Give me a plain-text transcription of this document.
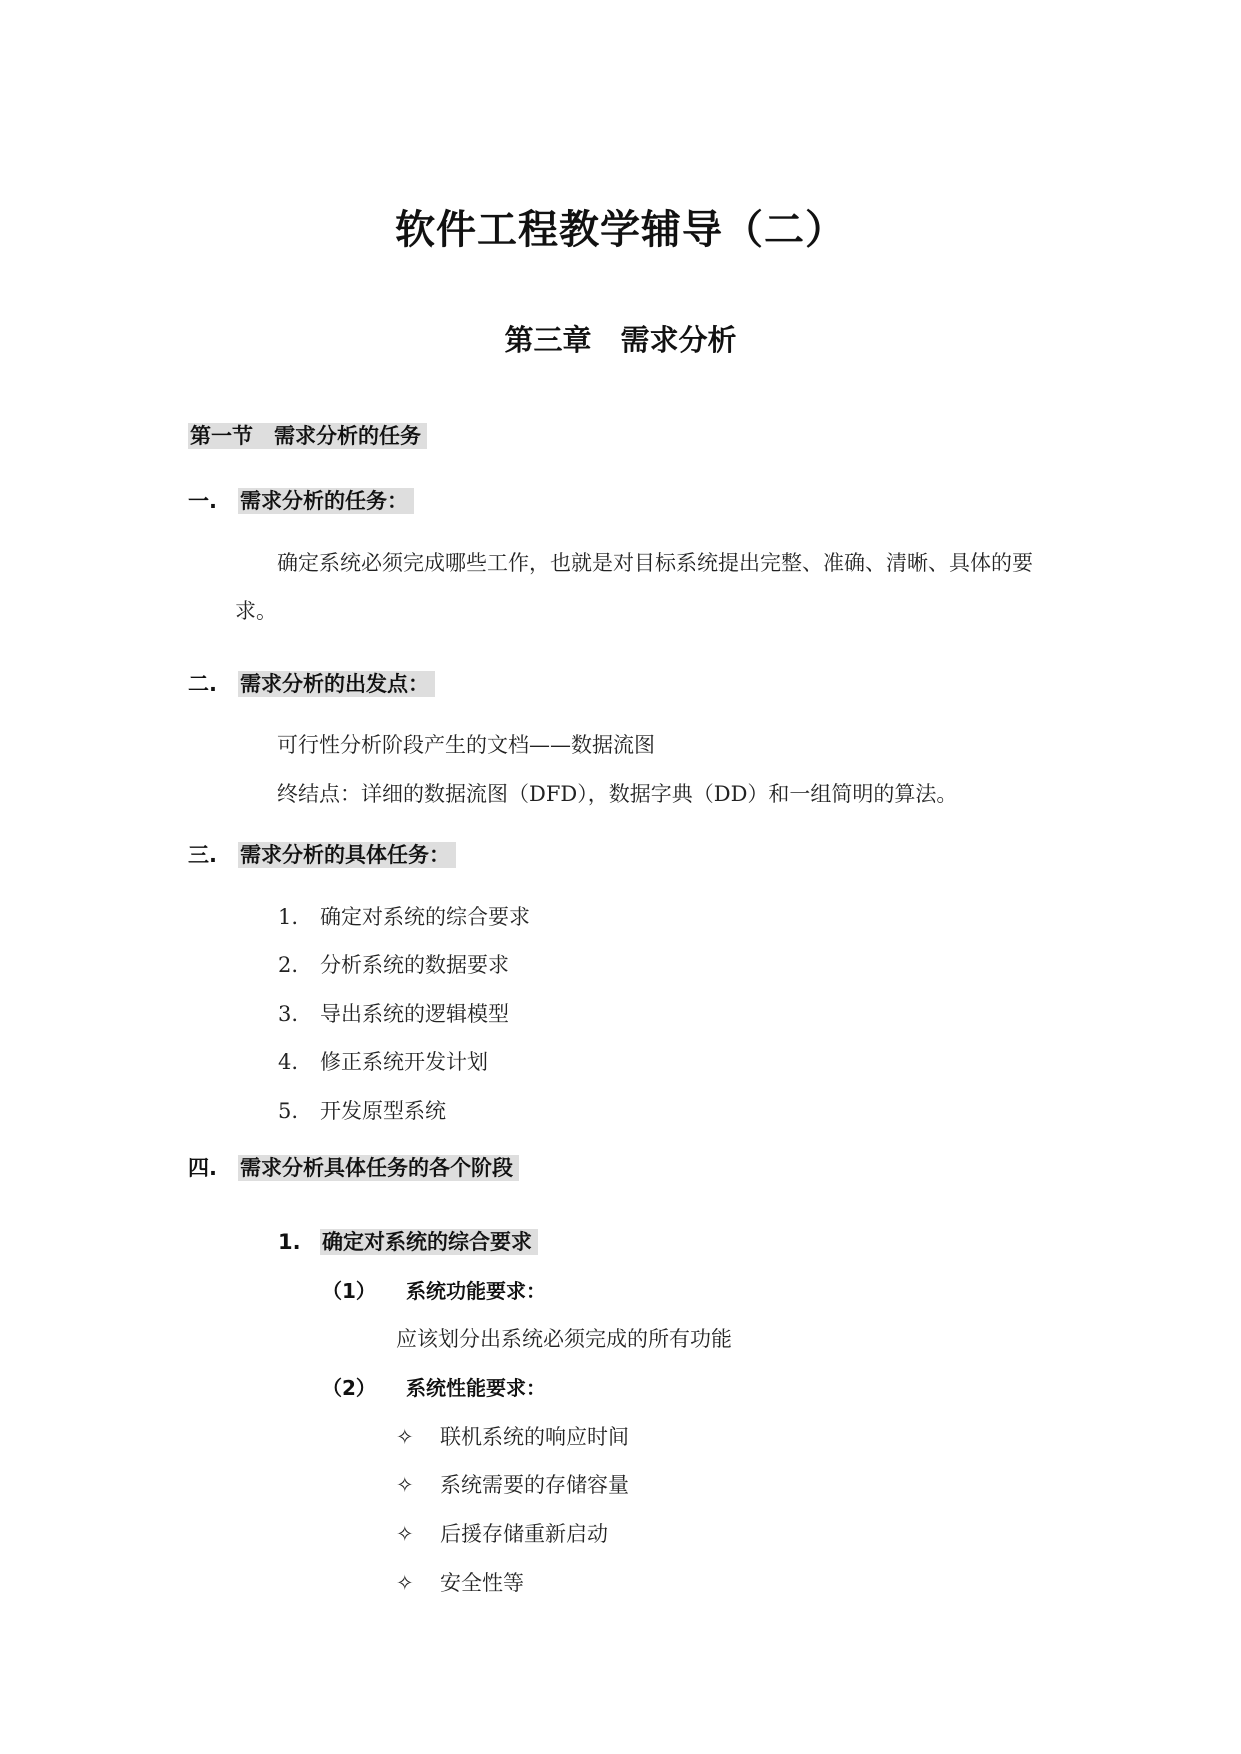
软件工程教学辅导（二）
第三章　需求分析
第一节　需求分析的任务
一. 需求分析的任务：
确定系统必须完成哪些工作，也就是对目标系统提出完整、准确、清晰、具体的要
求。
二. 需求分析的出发点：
可行性分析阶段产生的文档——数据流图
终结点：详细的数据流图（DFD），数据字典（DD）和一组简明的算法。
三. 需求分析的具体任务：
1. 确定对系统的综合要求
2. 分析系统的数据要求
3. 导出系统的逻辑模型
4. 修正系统开发计划
5. 开发原型系统
四. 需求分析具体任务的各个阶段
1. 确定对系统的综合要求
（1） 系统功能要求：
应该划分出系统必须完成的所有功能
（2） 系统性能要求：
✧ 联机系统的响应时间
✧ 系统需要的存储容量
✧ 后援存储重新启动
✧ 安全性等
